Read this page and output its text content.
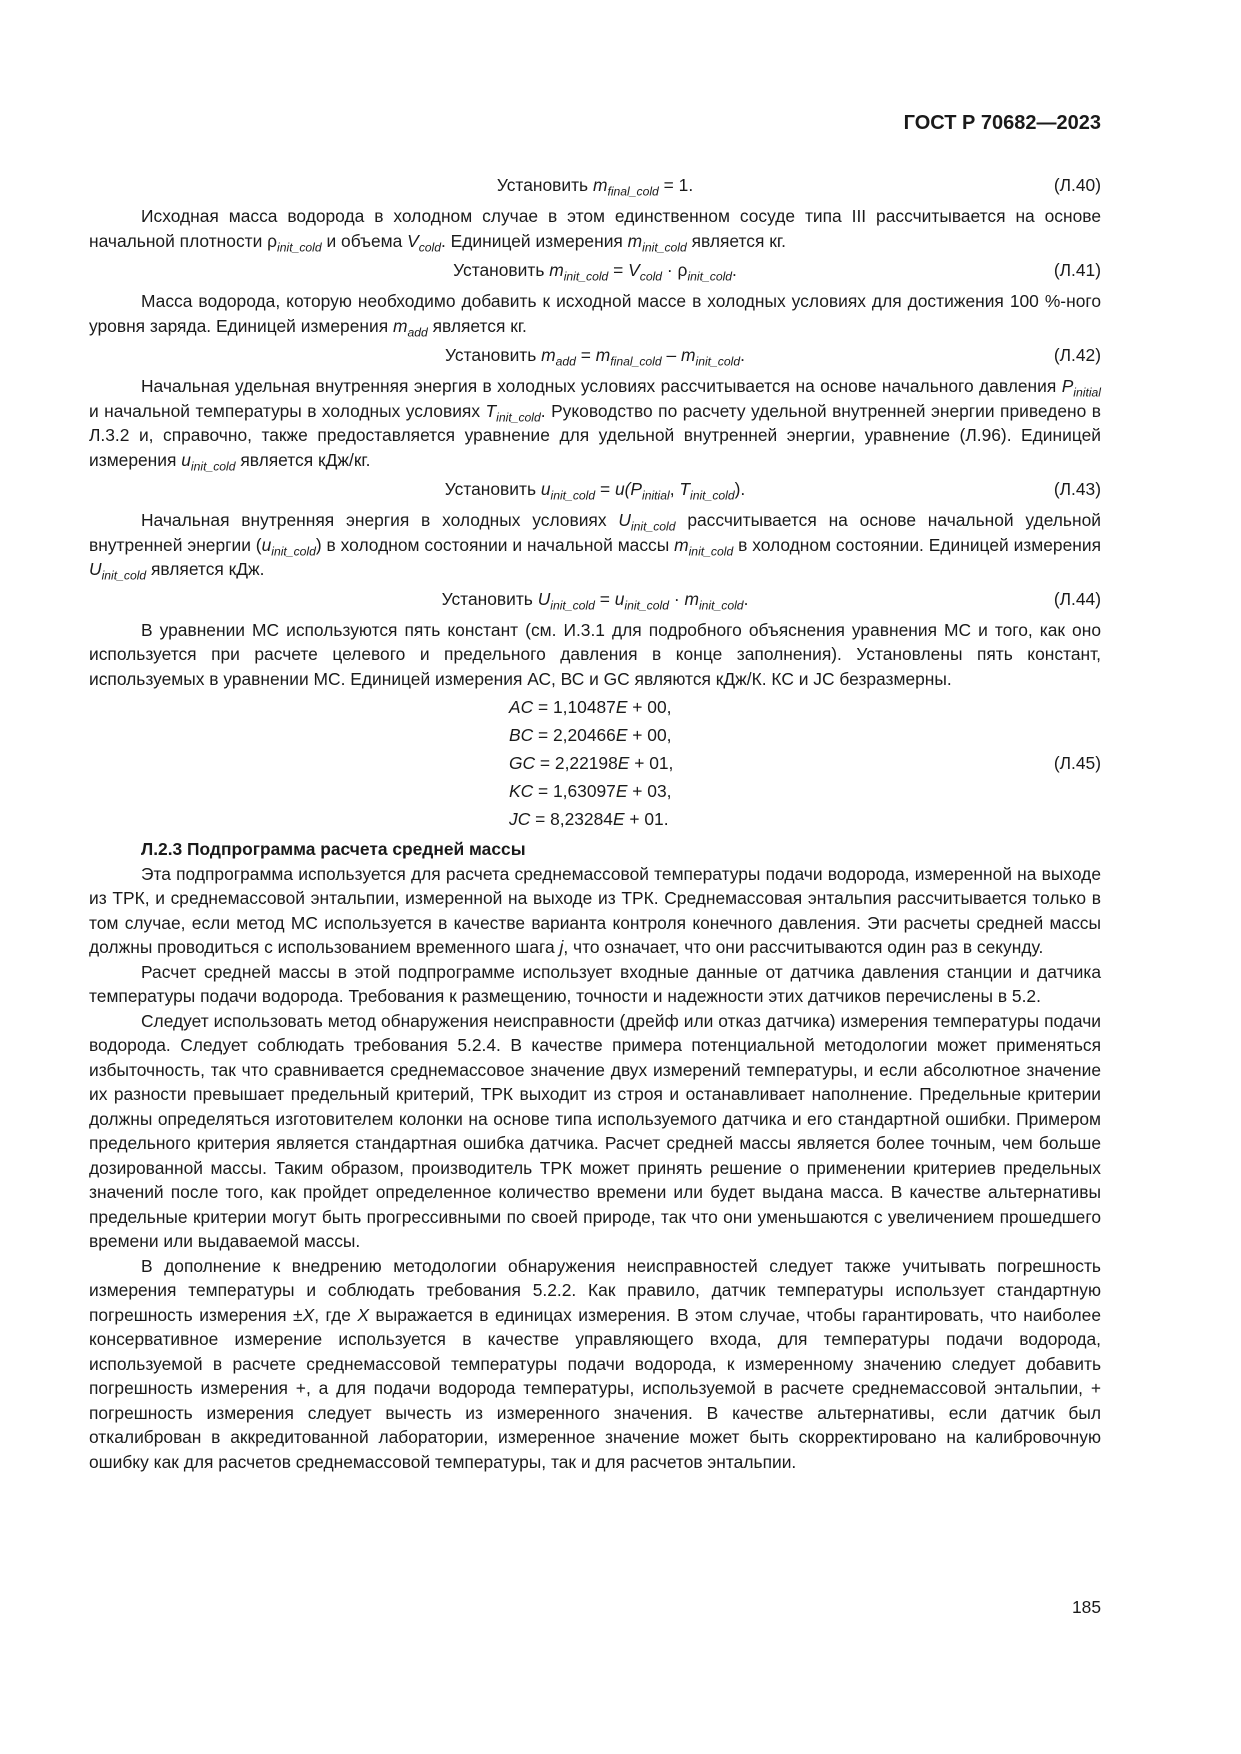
ГОСТ Р 70682—2023
Установить $m_{final\_cold} = 1$.	(Л.40)

Исходная масса водорода в холодном случае в этом единственном сосуде типа III рассчитывается на основе начальной плотности $\rho_{init\_cold}$ и объема $V_{cold}$. Единицей измерения $m_{init\_cold}$ является кг.

Установить $m_{init\_cold} = V_{cold} \cdot \rho_{init\_cold}$.	(Л.41)

Масса водорода, которую необходимо добавить к исходной массе в холодных условиях для достижения 100 %-ного уровня заряда. Единицей измерения $m_{add}$ является кг.

Установить $m_{add} = m_{final\_cold} - m_{init\_cold}$.	(Л.42)

Начальная удельная внутренняя энергия в холодных условиях рассчитывается на основе начального давления $P_{initial}$ и начальной температуры в холодных условиях $T_{init\_cold}$. Руководство по расчету удельной внутренней энергии приведено в Л.3.2 и, справочно, также предоставляется уравнение для удельной внутренней энергии, уравнение (Л.96). Единицей измерения $u_{init\_cold}$ является кДж/кг.

Установить $u_{init\_cold} = u(P_{initial}$, $T_{init\_cold}$).	(Л.43)

Начальная внутренняя энергия в холодных условиях $U_{init\_cold}$ рассчитывается на основе начальной удельной внутренней энергии $(u_{init\_cold})$ в холодном состоянии и начальной массы $m_{init\_cold}$ в холодном состоянии. Единицей измерения $U_{init\_cold}$ является кДж.

Установить $U_{init\_cold} = u_{init\_cold} \cdot m_{init\_cold}$.	(Л.44)

В уравнении МС используются пять констант (см. И.3.1 для подробного объяснения уравнения МС и того, как оно используется при расчете целевого и предельного давления в конце заполнения). Установлены пять констант, используемых в уравнении МС. Единицей измерения АС, ВС и GC являются кДж/К. КС и JC безразмерны.

AC = 1,10487E + 00,
BC = 2,20466E + 00,
GC = 2,22198E + 01,
KC = 1,63097E + 03,
JC = 8,23284E + 01.
(Л.45)
Л.2.3 Подпрограмма расчета средней массы

Эта подпрограмма используется для расчета среднемассовой температуры подачи водорода, измеренной на выходе из ТРК, и среднемассовой энтальпии, измеренной на выходе из ТРК. Среднемассовая энтальпия рассчитывается только в том случае, если метод МС используется в качестве варианта контроля конечного давления. Эти расчеты средней массы должны проводиться с использованием временного шага j, что означает, что они рассчитываются один раз в секунду.

Расчет средней массы в этой подпрограмме использует входные данные от датчика давления станции и датчика температуры подачи водорода. Требования к размещению, точности и надежности этих датчиков перечислены в 5.2.

Следует использовать метод обнаружения неисправности (дрейф или отказ датчика) измерения температуры подачи водорода. Следует соблюдать требования 5.2.4. В качестве примера потенциальной методологии может применяться избыточность, так что сравнивается среднемассовое значение двух измерений температуры, и если абсолютное значение их разности превышает предельный критерий, ТРК выходит из строя и останавливает наполнение. Предельные критерии должны определяться изготовителем колонки на основе типа используемого датчика и его стандартной ошибки. Примером предельного критерия является стандартная ошибка датчика. Расчет средней массы является более точным, чем больше дозированной массы. Таким образом, производитель ТРК может принять решение о применении критериев предельных значений после того, как пройдет определенное количество времени или будет выдана масса. В качестве альтернативы предельные критерии могут быть прогрессивными по своей природе, так что они уменьшаются с увеличением прошедшего времени или выдаваемой массы.

В дополнение к внедрению методологии обнаружения неисправностей следует также учитывать погрешность измерения температуры и соблюдать требования 5.2.2. Как правило, датчик температуры использует стандартную погрешность измерения ±X, где X выражается в единицах измерения. В этом случае, чтобы гарантировать, что наиболее консервативное измерение используется в качестве управляющего входа, для температуры подачи водорода, используемой в расчете среднемассовой температуры подачи водорода, к измеренному значению следует добавить погрешность измерения +, а для подачи водорода температуры, используемой в расчете среднемассовой энтальпии, + погрешность измерения следует вычесть из измеренного значения. В качестве альтернативы, если датчик был откалиброван в аккредитованной лаборатории, измеренное значение может быть скорректировано на калибровочную ошибку как для расчетов среднемассовой температуры, так и для расчетов энтальпии.

185
